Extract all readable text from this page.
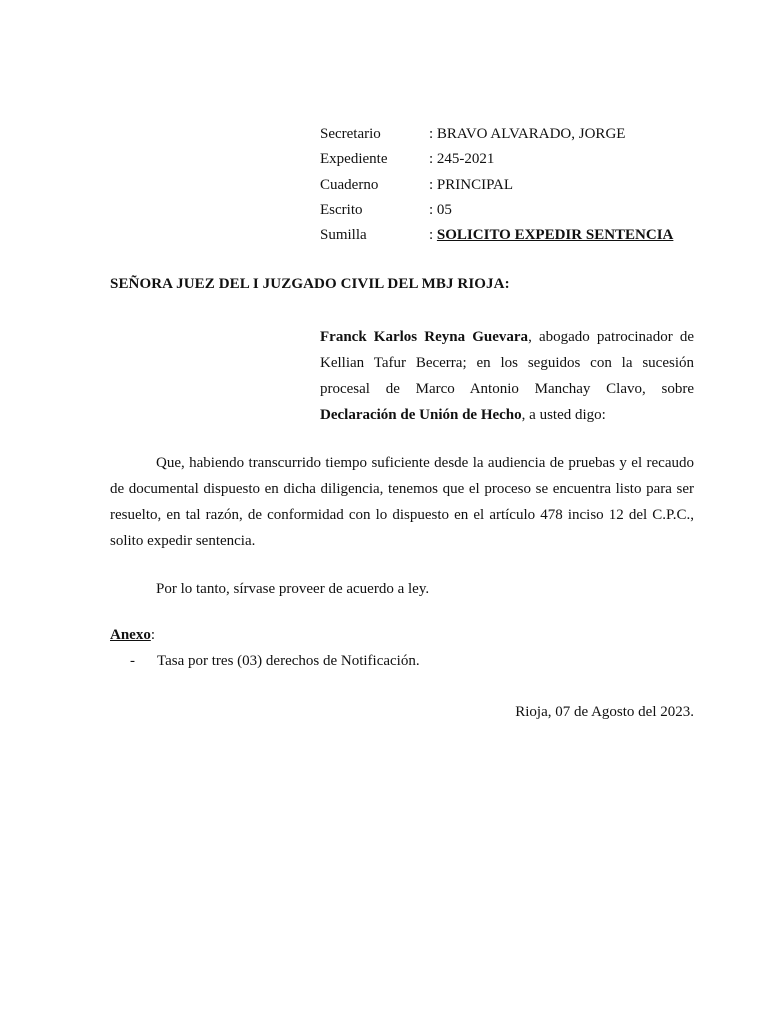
Secretario	: BRAVO ALVARADO, JORGE
Expediente	: 245-2021
Cuaderno	: PRINCIPAL
Escrito	: 05
Sumilla	: SOLICITO EXPEDIR SENTENCIA
SEÑORA JUEZ DEL I JUZGADO CIVIL DEL MBJ RIOJA:
Franck Karlos Reyna Guevara, abogado patrocinador de Kellian Tafur Becerra; en los seguidos con la sucesión procesal de Marco Antonio Manchay Clavo, sobre Declaración de Unión de Hecho, a usted digo:
Que, habiendo transcurrido tiempo suficiente desde la audiencia de pruebas y el recaudo de documental dispuesto en dicha diligencia, tenemos que el proceso se encuentra listo para ser resuelto, en tal razón, de conformidad con lo dispuesto en el artículo 478 inciso 12 del C.P.C., solito expedir sentencia.
Por lo tanto, sírvase proveer de acuerdo a ley.
Anexo:
-	Tasa por tres (03) derechos de Notificación.
Rioja, 07 de Agosto del 2023.
